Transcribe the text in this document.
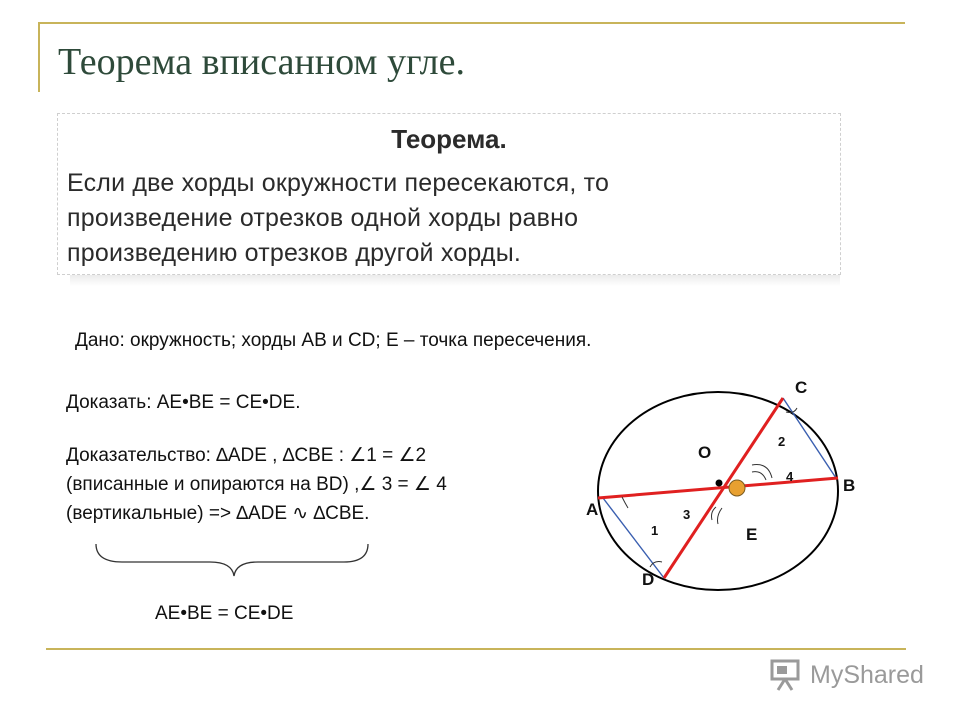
Теорема вписанном угле.
Теорема.
Если две хорды окружности пересекаются, то
произведение отрезков одной хорды равно
произведению отрезков другой хорды.
Дано: окружность; хорды АВ и CD; Е – точка пересечения.
Доказать: АЕ•ВЕ = СЕ•DE.
Доказательство: ∆ADE , ∆CBE : ∠1 = ∠2
(вписанные и опираются на BD) ,∠ 3 = ∠ 4
(вертикальные) => ∆ADE ∿ ∆CBE.
АЕ•ВЕ = СЕ•DE
C
B
A
D
E
O
1
2
3
4
MyShared
